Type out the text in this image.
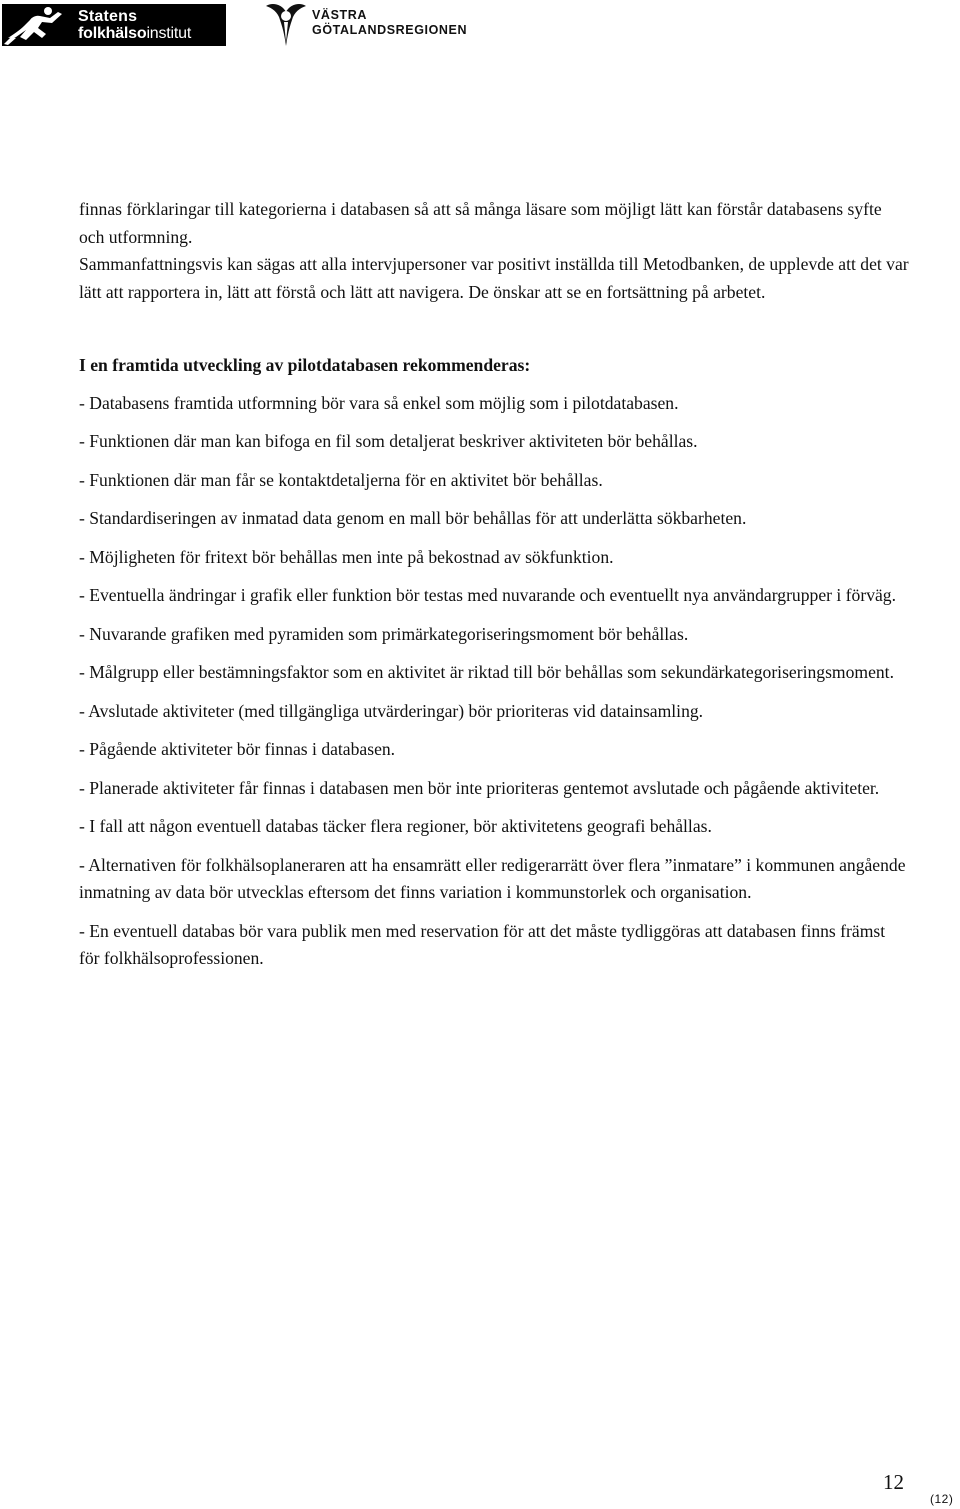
Statens
folkhälsoinstitut
VÄSTRA
GÖTALANDSREGIONEN

finnas förklaringar till kategorierna i databasen så att så många läsare som möjligt lätt kan förstår databasens syfte och utformning.

Sammanfattningsvis kan sägas att alla intervjupersoner var positivt inställda till Metodbanken, de upplevde att det var lätt att rapportera in, lätt att förstå och lätt att navigera. De önskar att se en fortsättning på arbetet.

I en framtida utveckling av pilotdatabasen rekommenderas:

- Databasens framtida utformning bör vara så enkel som möjlig som i pilotdatabasen.
- Funktionen där man kan bifoga en fil som detaljerat beskriver aktiviteten bör behållas.
- Funktionen där man får se kontaktdetaljerna för en aktivitet bör behållas.
- Standardiseringen av inmatad data genom en mall bör behållas för att underlätta sökbarheten.
- Möjligheten för fritext bör behållas men inte på bekostnad av sökfunktion.
- Eventuella ändringar i grafik eller funktion bör testas med nuvarande och eventuellt nya användargrupper i förväg.
- Nuvarande grafiken med pyramiden som primärkategoriseringsmoment bör behållas.
- Målgrupp eller bestämningsfaktor som en aktivitet är riktad till bör behållas som sekundärkategoriseringsmoment.
- Avslutade aktiviteter (med tillgängliga utvärderingar) bör prioriteras vid datainsamling.
- Pågående aktiviteter bör finnas i databasen.
- Planerade aktiviteter får finnas i databasen men bör inte prioriteras gentemot avslutade och pågående aktiviteter.
- I fall att någon eventuell databas täcker flera regioner, bör aktivitetens geografi behållas.
- Alternativen för folkhälsoplaneraren att ha ensamrätt eller redigerarrätt över flera ”inmatare” i kommunen angående inmatning av data bör utvecklas eftersom det finns variation i kommunstorlek och organisation.
- En eventuell databas bör vara publik men med reservation för att det måste tydliggöras att databasen finns främst för folkhälsoprofessionen.
12
(12)
